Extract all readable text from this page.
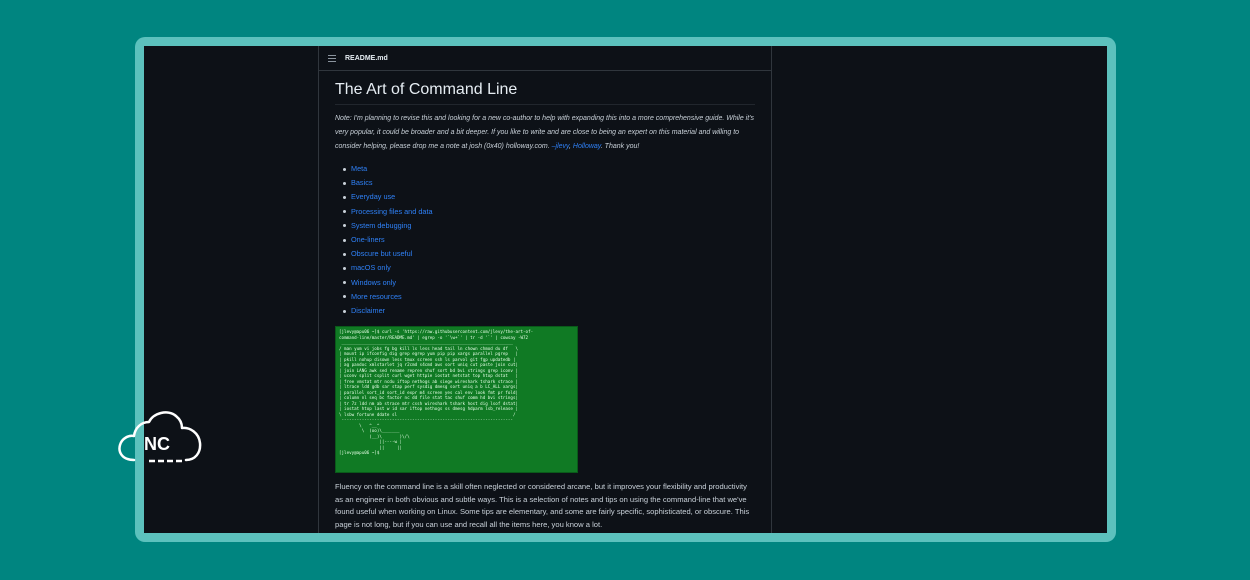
README.md
The Art of Command Line

Note: I'm planning to revise this and looking for a new co-author to help with expanding this into a more comprehensive guide. While it's very popular, it could be broader and a bit deeper. If you like to write and are close to being an expert on this material and willing to consider helping, please drop me a note at josh (0x40) holloway.com. –jlevy, Holloway. Thank you!

Meta
Basics
Everyday use
Processing files and data
System debugging
One-liners
Obscure but useful
macOS only
Windows only
More resources
Disclaimer
[jlevy@apu06 ~]$ curl -s 'https://raw.githubusercontent.com/jlevy/the-art-of-
command-line/master/README.md' | egrep -o '`\w+`' | tr -d '`' | cowsay -W72
____________________________________________________________________
/ man yum vi jobs fg bg kill ls less head tail ln chown chmod du df   \
| mount ip ifconfig dig grep egrep yum pip pip xargs parallel pgrep   |
| pkill nohup disown less tmux screen ssh ls parvol git fgp updatedb |
| ag pandoc xmlstarlet jq r2cmd s4cmd aws sort uniq cut paste join cut|
| join LANG awk sed rename repren shuf sort bd bvi strings grep iconv |
| uconv split csplit curl wget httpie iostat netstat top htop dstat   |
| free vmstat mtr ncdu iftop nethogs ab siege wireshark tshark strace |
| ltrace ldd gdb sar stap perf sysdig dmesg sort uniq a b LC_ALL xargs|
| parallel sort_id sort_id expr m4 screen yes cal env look fmt pr fold|
| column nl seq bc factor nc dd file stat tac shuf comm hd bvi strings|
| tr 7z ldd nm ab strace mtr cssh wireshark tshark host dig lsof dstat|
| iostat htop last w id sar iftop nethogs ss dmesg hdparm lsb_release |
\ lsbw fortune ddate sl                                              /
--------------------------------------------------------------------
\   ^__^
\  (oo)\_______
(__)\       )\/\
||----w |
||     ||
[jlevy@apu06 ~]$

Fluency on the command line is a skill often neglected or considered arcane, but it improves your flexibility and productivity as an engineer in both obvious and subtle ways. This is a selection of notes and tips on using the command-line that we've found useful when working on Linux. Some tips are elementary, and some are fairly specific, sophisticated, or obscure. This page is not long, but if you can use and recall all the items here, you know a lot.

NC
